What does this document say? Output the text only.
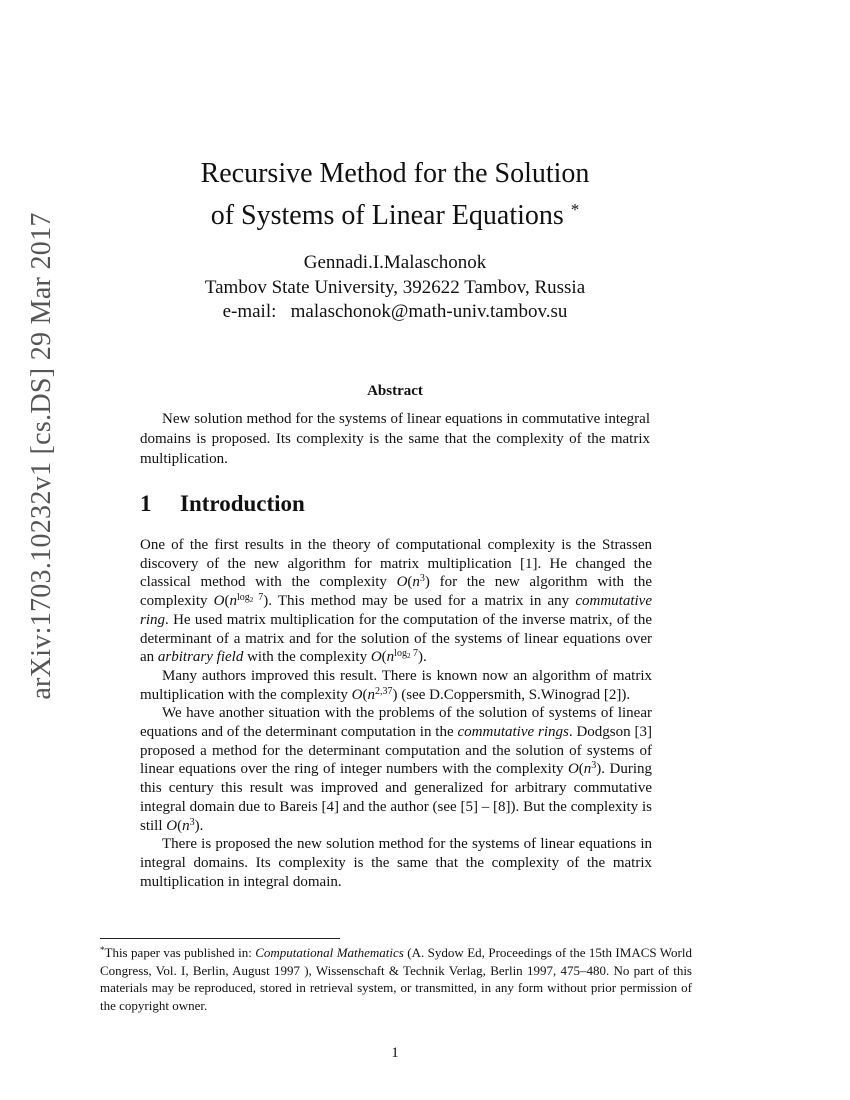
arXiv:1703.10232v1 [cs.DS] 29 Mar 2017
Recursive Method for the Solution
of Systems of Linear Equations *
Gennadi.I.Malaschonok
Tambov State University, 392622 Tambov, Russia
e-mail: malaschonok@math-univ.tambov.su
Abstract
New solution method for the systems of linear equations in commutative integral domains is proposed. Its complexity is the same that the complexity of the matrix multiplication.
1 Introduction

One of the first results in the theory of computational complexity is the Strassen discovery of the new algorithm for matrix multiplication [1]. He changed the classical method with the complexity $O(n^3)$ for the new algorithm with the complexity $O(n^{log_2 7})$. This method may be used for a matrix in any commutative ring. He used matrix multiplication for the computation of the inverse matrix, of the determinant of a matrix and for the solution of the systems of linear equations over an arbitrary field with the complexity $O(n^{log_2 7})$.

Many authors improved this result. There is known now an algorithm of matrix multiplication with the complexity $O(n^{2,37})$ (see D.Coppersmith, S.Winograd [2]).

We have another situation with the problems of the solution of systems of linear equations and of the determinant computation in the commutative rings. Dodgson [3] proposed a method for the determinant computation and the solution of systems of linear equations over the ring of integer numbers with the complexity $O(n^3)$. During this century this result was improved and generalized for arbitrary commutative integral domain due to Bareis [4] and the author (see [5] – [8]). But the complexity is still $O(n^3)$.

There is proposed the new solution method for the systems of linear equations in integral domains. Its complexity is the same that the complexity of the matrix multiplication in integral domain.

*This paper vas published in: Computational Mathematics (A. Sydow Ed, Proceedings of the 15th IMACS World Congress, Vol. I, Berlin, August 1997 ), Wissenschaft & Technik Verlag, Berlin 1997, 475–480. No part of this materials may be reproduced, stored in retrieval system, or transmitted, in any form without prior permission of the copyright owner.
1
